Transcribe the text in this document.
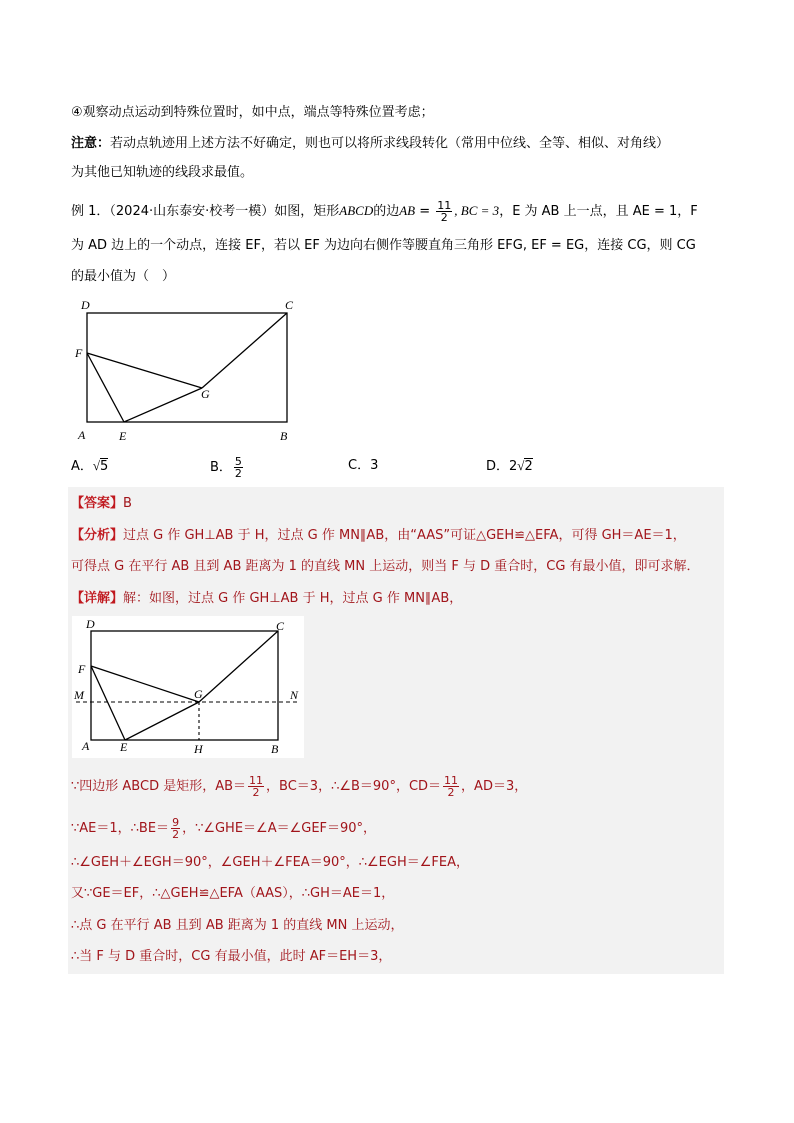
④观察动点运动到特殊位置时，如中点，端点等特殊位置考虑；
注意：若动点轨迹用上述方法不好确定，则也可以将所求线段转化（常用中位线、全等、相似、对角线）
为其他已知轨迹的线段求最值。
例 1．（2024·山东泰安·校考一模）如图，矩形ABCD的边AB = $\frac{11}{2}$ , BC = 3，E 为 AB 上一点，且 AE = 1，F
为 AD 边上的一个动点，连接 EF，若以 EF 为边向右侧作等腰直角三角形 EFG, EF = EG，连接 CG，则 CG
的最小值为（　）
D	C
F
G
A	E	B
A．√5	B． $\frac{5}{2}$	C．3	D．2√2
【答案】B
【分析】过点 G 作 GH⊥AB 于 H，过点 G 作 MN∥AB，由“AAS”可证△GEH≌△EFA，可得 GH＝AE＝1，
可得点 G 在平行 AB 且到 AB 距离为 1 的直线 MN 上运动，则当 F 与 D 重合时，CG 有最小值，即可求解．
【详解】解：如图，过点 G 作 GH⊥AB 于 H，过点 G 作 MN∥AB，
D	C
F
M	G	N
A	E	H	B
∵四边形 ABCD 是矩形，$AB= \frac{11}{2}$ ，BC＝3，∴∠B＝90°，$CD= \frac{11}{2}$ ，AD＝3，
∵AE＝1，∴BE＝ $\frac{9}{2}$ ，∵∠GHE＝∠A＝∠GEF＝90°，
∴∠GEH＋∠EGH＝90°，∠GEH＋∠FEA＝90°，∴∠EGH＝∠FEA，
又∵GE＝EF，∴△GEH≌△EFA（AAS），∴GH＝AE＝1，
∴点 G 在平行 AB 且到 AB 距离为 1 的直线 MN 上运动，
∴当 F 与 D 重合时，CG 有最小值，此时 AF＝EH＝3，
